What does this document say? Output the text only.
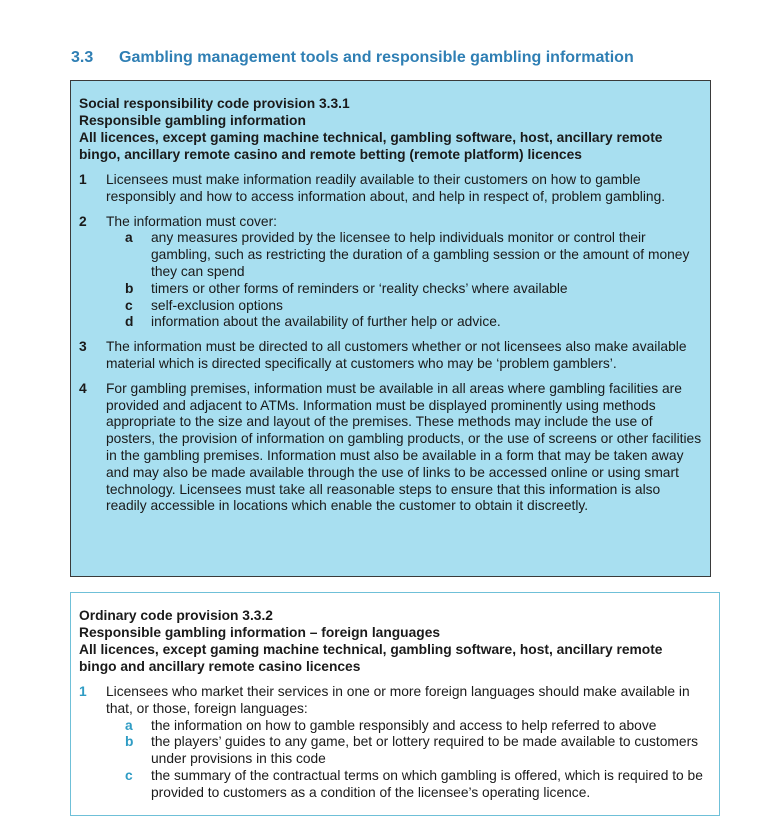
3.3 Gambling management tools and responsible gambling information
Social responsibility code provision 3.3.1
Responsible gambling information
All licences, except gaming machine technical, gambling software, host, ancillary remote
bingo, ancillary remote casino and remote betting (remote platform) licences
1	Licensees must make information readily available to their customers on how to gamble responsibly and how to access information about, and help in respect of, problem gambling.
2	The information must cover:
a	any measures provided by the licensee to help individuals monitor or control their gambling, such as restricting the duration of a gambling session or the amount of money they can spend
b	timers or other forms of reminders or ‘reality checks’ where available
c	self-exclusion options
d	information about the availability of further help or advice.
3	The information must be directed to all customers whether or not licensees also make available material which is directed specifically at customers who may be ‘problem gamblers’.
4	For gambling premises, information must be available in all areas where gambling facilities are provided and adjacent to ATMs. Information must be displayed prominently using methods appropriate to the size and layout of the premises. These methods may include the use of posters, the provision of information on gambling products, or the use of screens or other facilities in the gambling premises. Information must also be available in a form that may be taken away and may also be made available through the use of links to be accessed online or using smart technology. Licensees must take all reasonable steps to ensure that this information is also readily accessible in locations which enable the customer to obtain it discreetly.
Ordinary code provision 3.3.2
Responsible gambling information – foreign languages
All licences, except gaming machine technical, gambling software, host, ancillary remote
bingo and ancillary remote casino licences
1	Licensees who market their services in one or more foreign languages should make available in that, or those, foreign languages:
a	the information on how to gamble responsibly and access to help referred to above
b	the players’ guides to any game, bet or lottery required to be made available to customers under provisions in this code
c	the summary of the contractual terms on which gambling is offered, which is required to be provided to customers as a condition of the licensee’s operating licence.
